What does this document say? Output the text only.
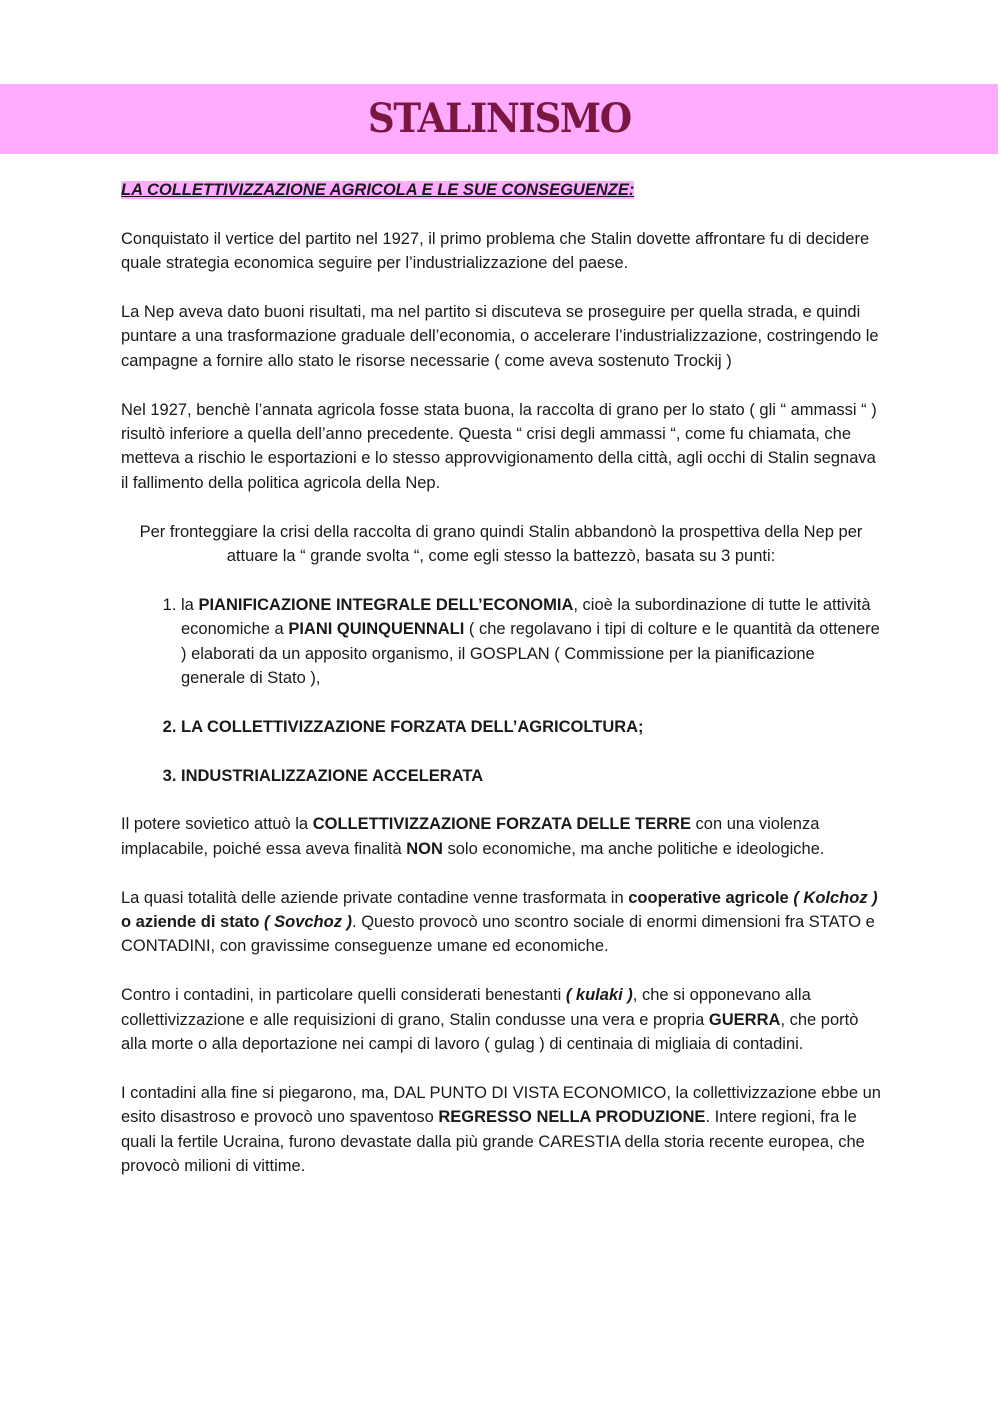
STALINISMO

LA COLLETTIVIZZAZIONE AGRICOLA E LE SUE CONSEGUENZE:

Conquistato il vertice del partito nel 1927, il primo problema che Stalin dovette affrontare fu di decidere quale strategia economica seguire per l’industrializzazione del paese.

La Nep aveva dato buoni risultati, ma nel partito si discuteva se proseguire per quella strada, e quindi puntare a una trasformazione graduale dell’economia, o accelerare l’industrializzazione, costringendo le campagne a fornire allo stato le risorse necessarie ( come aveva sostenuto Trockij )

Nel 1927, benchè l’annata agricola fosse stata buona, la raccolta di grano per lo stato ( gli “ ammassi “ ) risultò inferiore a quella dell’anno precedente. Questa “ crisi degli ammassi “, come fu chiamata, che metteva a rischio le esportazioni e lo stesso approvvigionamento della città, agli occhi di Stalin segnava il fallimento della politica agricola della Nep.

Per fronteggiare la crisi della raccolta di grano quindi Stalin abbandonò la prospettiva della Nep per attuare la “ grande svolta “, come egli stesso la battezzò, basata su 3 punti:

1. la PIANIFICAZIONE INTEGRALE DELL’ECONOMIA, cioè la subordinazione di tutte le attività economiche a PIANI QUINQUENNALI ( che regolavano i tipi di colture e le quantità da ottenere ) elaborati da un apposito organismo, il GOSPLAN ( Commissione per la pianificazione generale di Stato ),
2. LA COLLETTIVIZZAZIONE FORZATA DELL’AGRICOLTURA;
3. INDUSTRIALIZZAZIONE ACCELERATA

Il potere sovietico attuò la COLLETTIVIZZAZIONE FORZATA DELLE TERRE con una violenza implacabile, poiché essa aveva finalità NON solo economiche, ma anche politiche e ideologiche.

La quasi totalità delle aziende private contadine venne trasformata in cooperative agricole ( Kolchoz ) o aziende di stato ( Sovchoz ). Questo provocò uno scontro sociale di enormi dimensioni fra STATO e CONTADINI, con gravissime conseguenze umane ed economiche.

Contro i contadini, in particolare quelli considerati benestanti ( kulaki ), che si opponevano alla collettivizzazione e alle requisizioni di grano, Stalin condusse una vera e propria GUERRA, che portò alla morte o alla deportazione nei campi di lavoro ( gulag ) di centinaia di migliaia di contadini.

I contadini alla fine si piegarono, ma, DAL PUNTO DI VISTA ECONOMICO, la collettivizzazione ebbe un esito disastroso e provocò uno spaventoso REGRESSO NELLA PRODUZIONE. Intere regioni, fra le quali la fertile Ucraina, furono devastate dalla più grande CARESTIA della storia recente europea, che provocò milioni di vittime.
